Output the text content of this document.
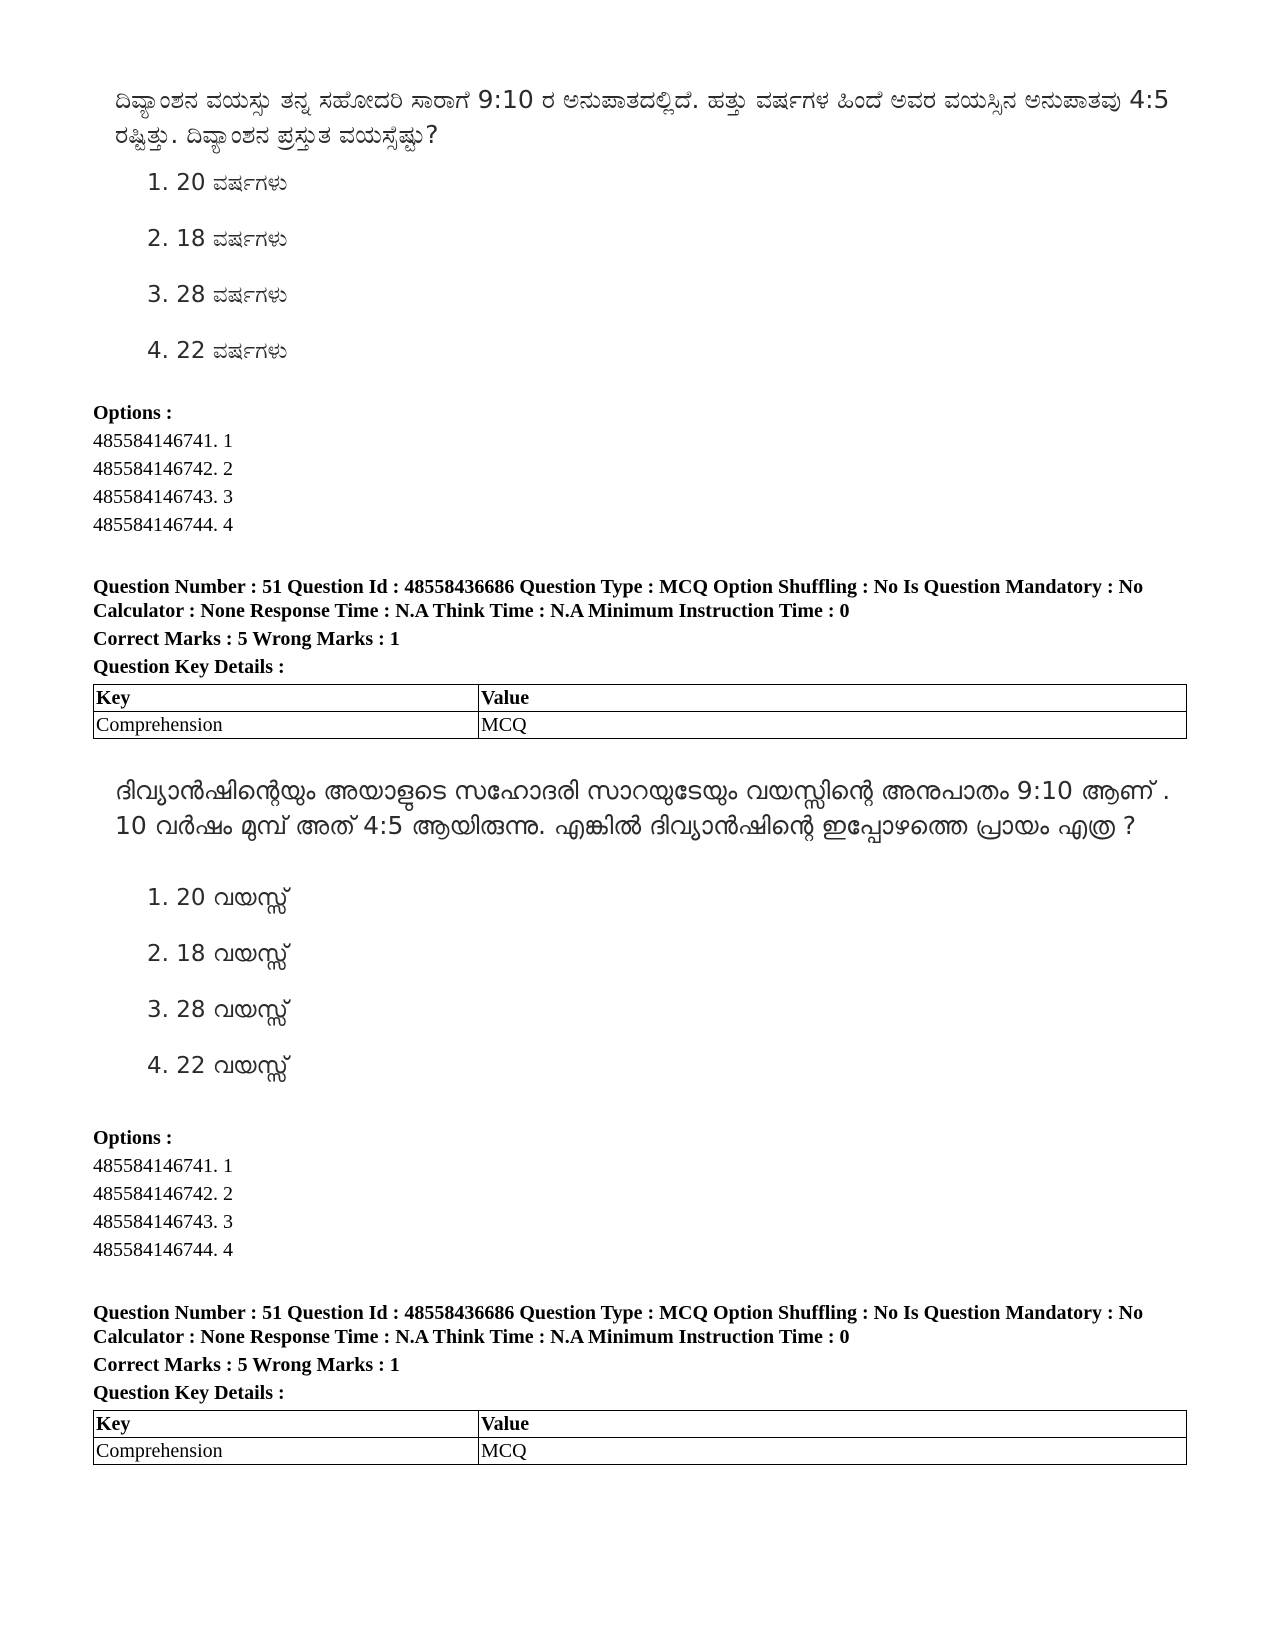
ದಿವ್ಯಾಂಶನ ವಯಸ್ಸು ತನ್ನ ಸಹೋದರಿ ಸಾರಾಗೆ 9:10 ರ ಅನುಪಾತದಲ್ಲಿದೆ. ಹತ್ತು ವರ್ಷಗಳ ಹಿಂದೆ ಅವರ ವಯಸ್ಸಿನ ಅನುಪಾತವು 4:5 ರಷ್ಟಿತ್ತು. ದಿವ್ಯಾಂಶನ ಪ್ರಸ್ತುತ ವಯಸ್ಸೆಷ್ಟು?

1. 20 ವರ್ಷಗಳು
2. 18 ವರ್ಷಗಳು
3. 28 ವರ್ಷಗಳು
4. 22 ವರ್ಷಗಳು
Options :
485584146741. 1
485584146742. 2
485584146743. 3
485584146744. 4
Question Number : 51 Question Id : 48558436686 Question Type : MCQ Option Shuffling : No Is Question Mandatory : No Calculator : None Response Time : N.A Think Time : N.A Minimum Instruction Time : 0
Correct Marks : 5 Wrong Marks : 1
Question Key Details :
Key	Value
Comprehension	MCQ

ദിവ്യാൻഷിന്റെയും അയാളുടെ സഹോദരി സാറയുടേയും വയസ്സിന്റെ അനുപാതം 9:10 ആണ് . 10 വർഷം മുമ്പ് അത് 4:5 ആയിരുന്നു. എങ്കിൽ ദിവ്യാൻഷിന്റെ ഇപ്പോഴത്തെ പ്രായം എത്ര ?

1. 20 വയസ്സ്
2. 18 വയസ്സ്
3. 28 വയസ്സ്
4. 22 വയസ്സ്
Options :
485584146741. 1
485584146742. 2
485584146743. 3
485584146744. 4
Question Number : 51 Question Id : 48558436686 Question Type : MCQ Option Shuffling : No Is Question Mandatory : No Calculator : None Response Time : N.A Think Time : N.A Minimum Instruction Time : 0
Correct Marks : 5 Wrong Marks : 1
Question Key Details :
Key	Value
Comprehension	MCQ
